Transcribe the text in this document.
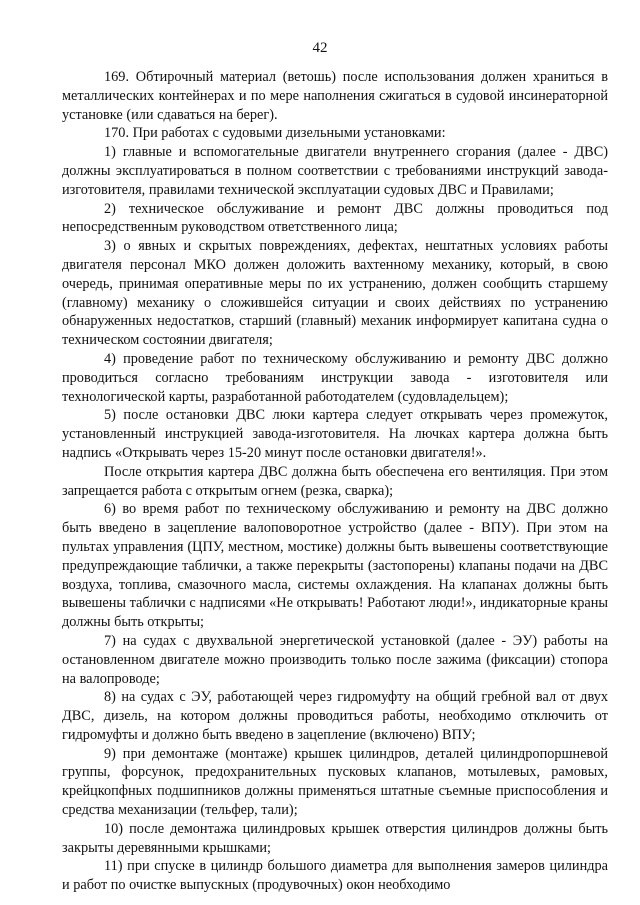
42

169. Обтирочный материал (ветошь) после использования должен храниться в металлических контейнерах и по мере наполнения сжигаться в судовой инсинераторной установке (или сдаваться на берег).

170. При работах с судовыми дизельными установками:

1) главные и вспомогательные двигатели внутреннего сгорания (далее - ДВС) должны эксплуатироваться в полном соответствии с требованиями инструкций завода-изготовителя, правилами технической эксплуатации судовых ДВС и Правилами;

2) техническое обслуживание и ремонт ДВС должны проводиться под непосредственным руководством ответственного лица;

3) о явных и скрытых повреждениях, дефектах, нештатных условиях работы двигателя персонал МКО должен доложить вахтенному механику, который, в свою очередь, принимая оперативные меры по их устранению, должен сообщить старшему (главному) механику о сложившейся ситуации и своих действиях по устранению обнаруженных недостатков, старший (главный) механик информирует капитана судна о техническом состоянии двигателя;

4) проведение работ по техническому обслуживанию и ремонту ДВС должно проводиться согласно требованиям инструкции завода - изготовителя или технологической карты, разработанной работодателем (судовладельцем);

5) после остановки ДВС люки картера следует открывать через промежуток, установленный инструкцией завода-изготовителя. На лючках картера должна быть надпись «Открывать через 15-20 минут после остановки двигателя!».

После открытия картера ДВС должна быть обеспечена его вентиляция. При этом запрещается работа с открытым огнем (резка, сварка);

6) во время работ по техническому обслуживанию и ремонту на ДВС должно быть введено в зацепление валоповоротное устройство (далее - ВПУ). При этом на пультах управления (ЦПУ, местном, мостике) должны быть вывешены соответствующие предупреждающие таблички, а также перекрыты (застопорены) клапаны подачи на ДВС воздуха, топлива, смазочного масла, системы охлаждения. На клапанах должны быть вывешены таблички с надписями «Не открывать! Работают люди!», индикаторные краны должны быть открыты;

7) на судах с двухвальной энергетической установкой (далее - ЭУ) работы на остановленном двигателе можно производить только после зажима (фиксации) стопора на валопроводе;

8) на судах с ЭУ, работающей через гидромуфту на общий гребной вал от двух ДВС, дизель, на котором должны проводиться работы, необходимо отключить от гидромуфты и должно быть введено в зацепление (включено) ВПУ;

9) при демонтаже (монтаже) крышек цилиндров, деталей цилиндропоршневой группы, форсунок, предохранительных пусковых клапанов, мотылевых, рамовых, крейцкопфных подшипников должны применяться штатные съемные приспособления и средства механизации (тельфер, тали);

10) после демонтажа цилиндровых крышек отверстия цилиндров должны быть закрыты деревянными крышками;

11) при спуске в цилиндр большого диаметра для выполнения замеров цилиндра и работ по очистке выпускных (продувочных) окон необходимо
